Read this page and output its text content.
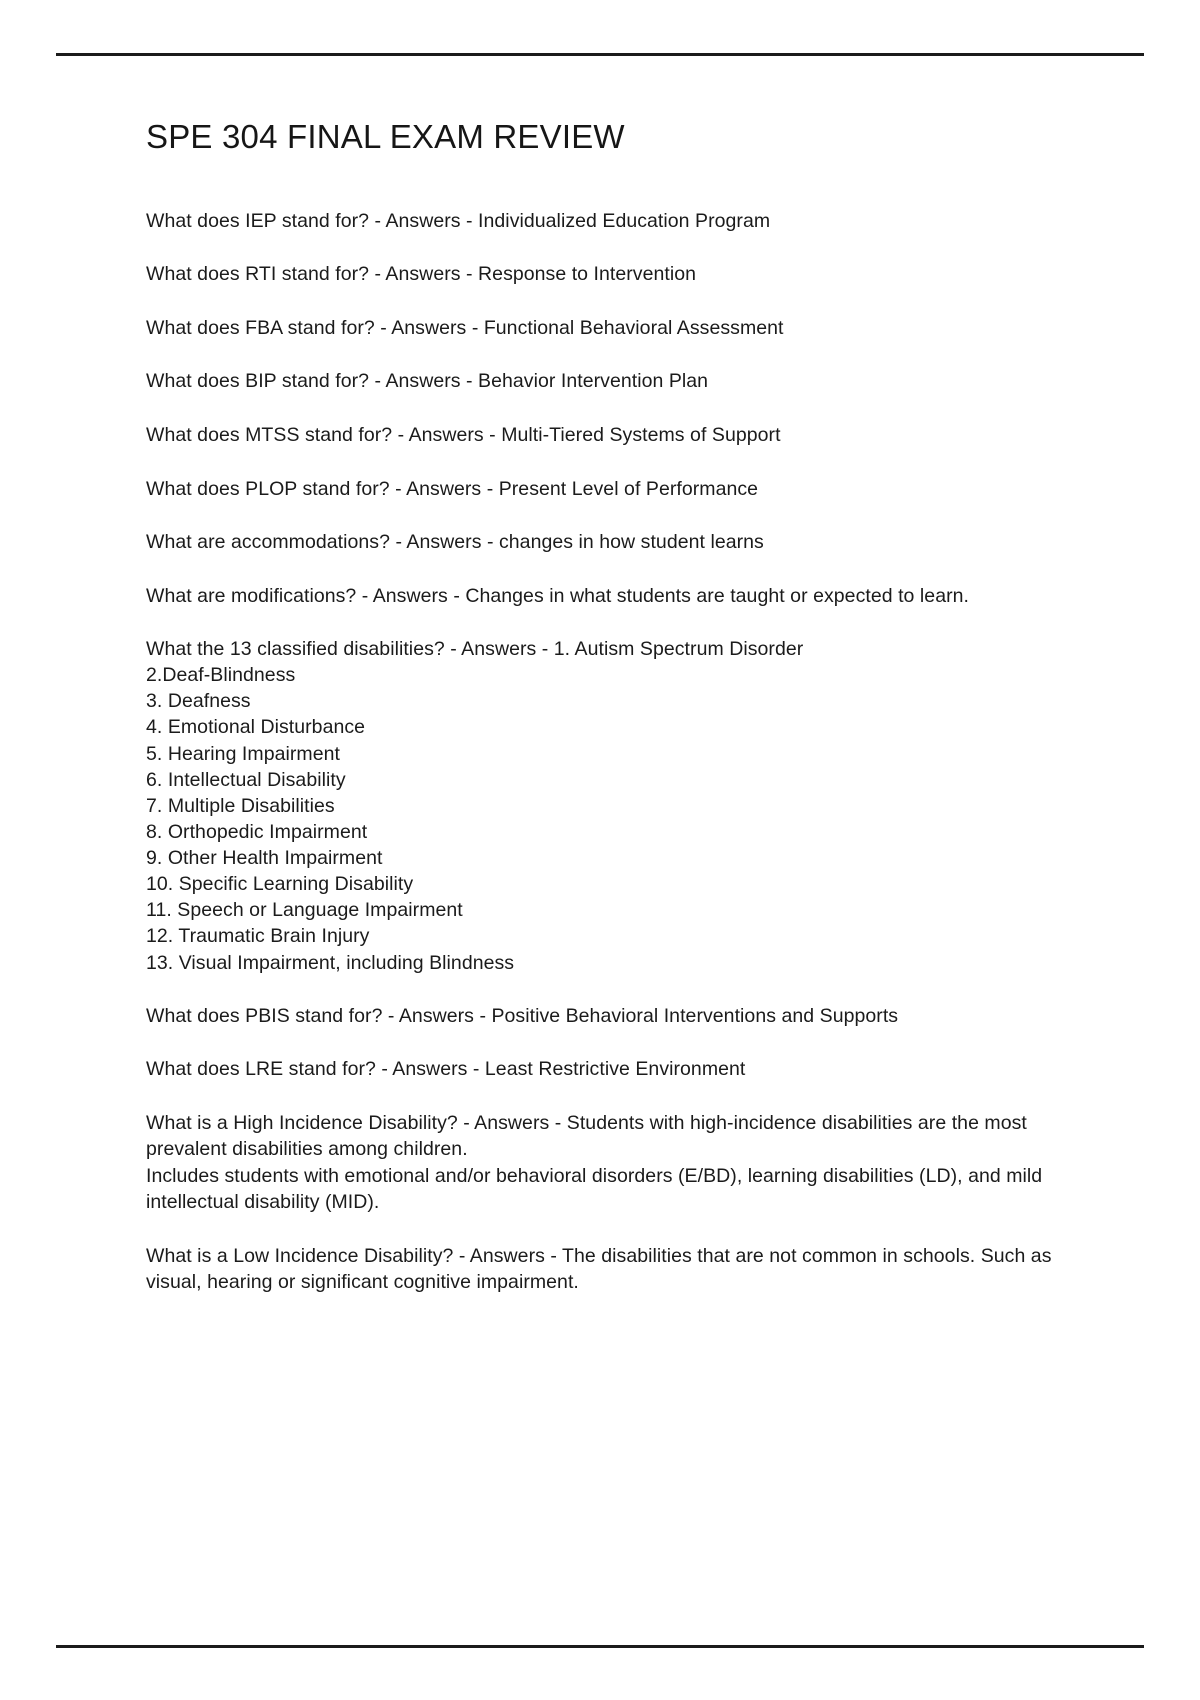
SPE 304 FINAL EXAM REVIEW
What does IEP stand for? - Answers - Individualized Education Program
What does RTI stand for? - Answers - Response to Intervention
What does FBA stand for? - Answers - Functional Behavioral Assessment
What does BIP stand for? - Answers - Behavior Intervention Plan
What does MTSS stand for? - Answers - Multi-Tiered Systems of Support
What does PLOP stand for? - Answers - Present Level of Performance
What are accommodations? - Answers - changes in how student learns
What are modifications? - Answers - Changes in what students are taught or expected to learn.
What the 13 classified disabilities? - Answers - 1. Autism Spectrum Disorder
2.Deaf-Blindness
3. Deafness
4. Emotional Disturbance
5. Hearing Impairment
6. Intellectual Disability
7. Multiple Disabilities
8. Orthopedic Impairment
9. Other Health Impairment
10. Specific Learning Disability
11. Speech or Language Impairment
12. Traumatic Brain Injury
13. Visual Impairment, including Blindness
What does PBIS stand for? - Answers - Positive Behavioral Interventions and Supports
What does LRE stand for? - Answers - Least Restrictive Environment
What is a High Incidence Disability? - Answers - Students with high-incidence disabilities are the most prevalent disabilities among children.
Includes students with emotional and/or behavioral disorders (E/BD), learning disabilities (LD), and mild intellectual disability (MID).
What is a Low Incidence Disability? - Answers - The disabilities that are not common in schools. Such as visual, hearing or significant cognitive impairment.
